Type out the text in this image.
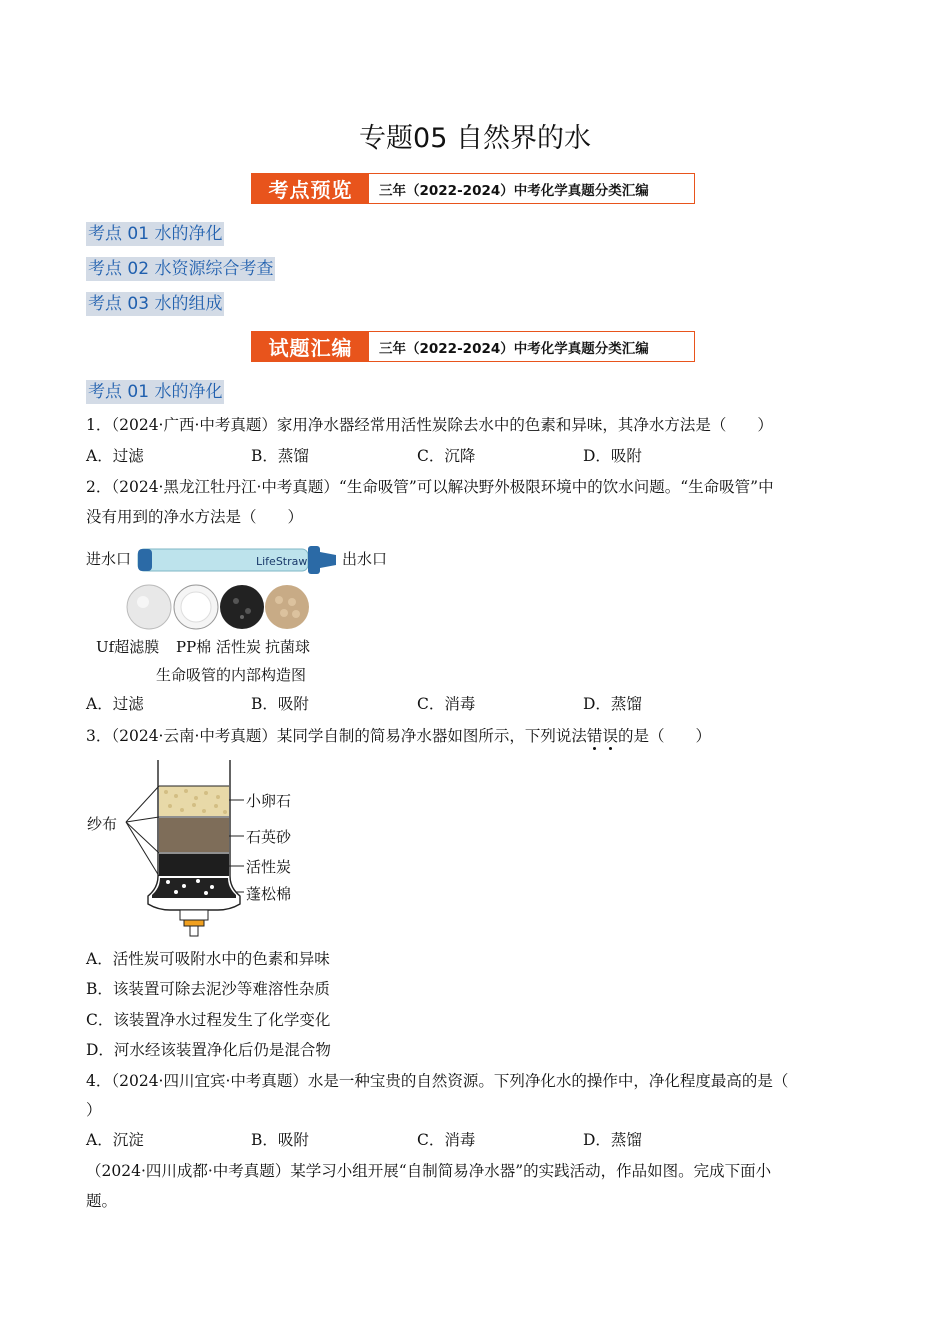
专题05 自然界的水
考点预览	三年（2022-2024）中考化学真题分类汇编
考点 01 水的净化
考点 02 水资源综合考查
考点 03 水的组成
试题汇编	三年（2022-2024）中考化学真题分类汇编
考点 01 水的净化
1．（2024·广西·中考真题）家用净水器经常用活性炭除去水中的色素和异味，其净水方法是（　　）
A．过滤	B．蒸馏	C．沉降	D．吸附
2．（2024·黑龙江牡丹江·中考真题）“生命吸管”可以解决野外极限环境中的饮水问题。“生命吸管”中
没有用到的净水方法是（　　）
进水口	LifeStraw 出水口
Uf超滤膜 PP棉 活性炭 抗菌球
生命吸管的内部构造图
A．过滤	B．吸附	C．消毒	D．蒸馏
3．（2024·云南·中考真题）某同学自制的简易净水器如图所示，下列说法错误的是（　　）
纱布
小卵石
石英砂
活性炭
蓬松棉
A．活性炭可吸附水中的色素和异味
B．该装置可除去泥沙等难溶性杂质
C．该装置净水过程发生了化学变化
D．河水经该装置净化后仍是混合物
4．（2024·四川宜宾·中考真题）水是一种宝贵的自然资源。下列净化水的操作中，净化程度最高的是（
）
A．沉淀	B．吸附	C．消毒	D．蒸馏
（2024·四川成都·中考真题）某学习小组开展“自制简易净水器”的实践活动，作品如图。完成下面小
题。
